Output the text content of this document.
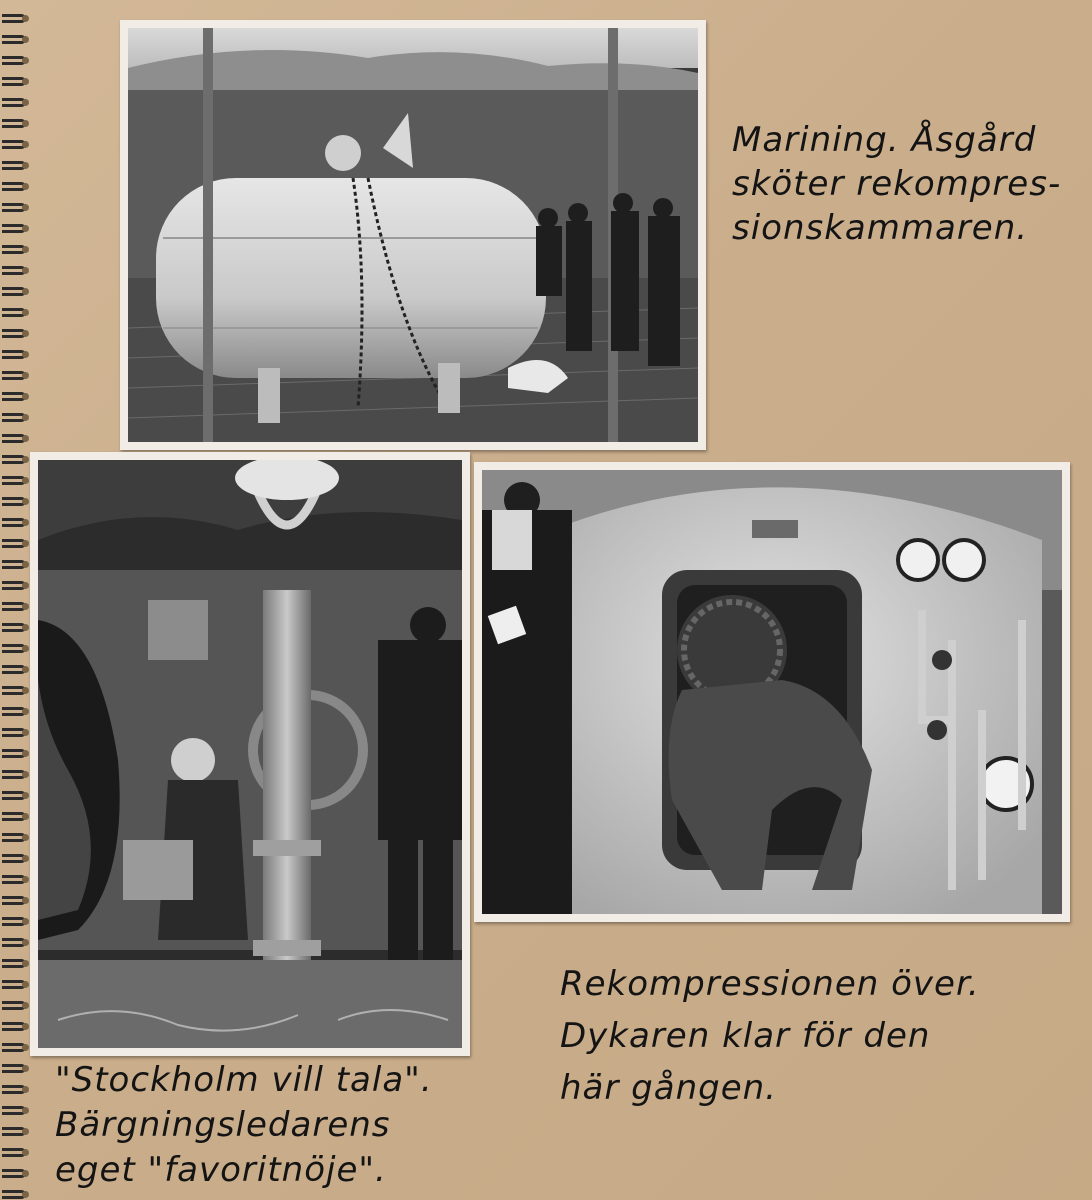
Marining. Åsgård
sköter rekompres-
sionskammaren.
"Stockholm vill tala".
Bärgningsledarens
eget "favoritnöje".
Rekompressionen över.
Dykaren klar för den
här gången.
